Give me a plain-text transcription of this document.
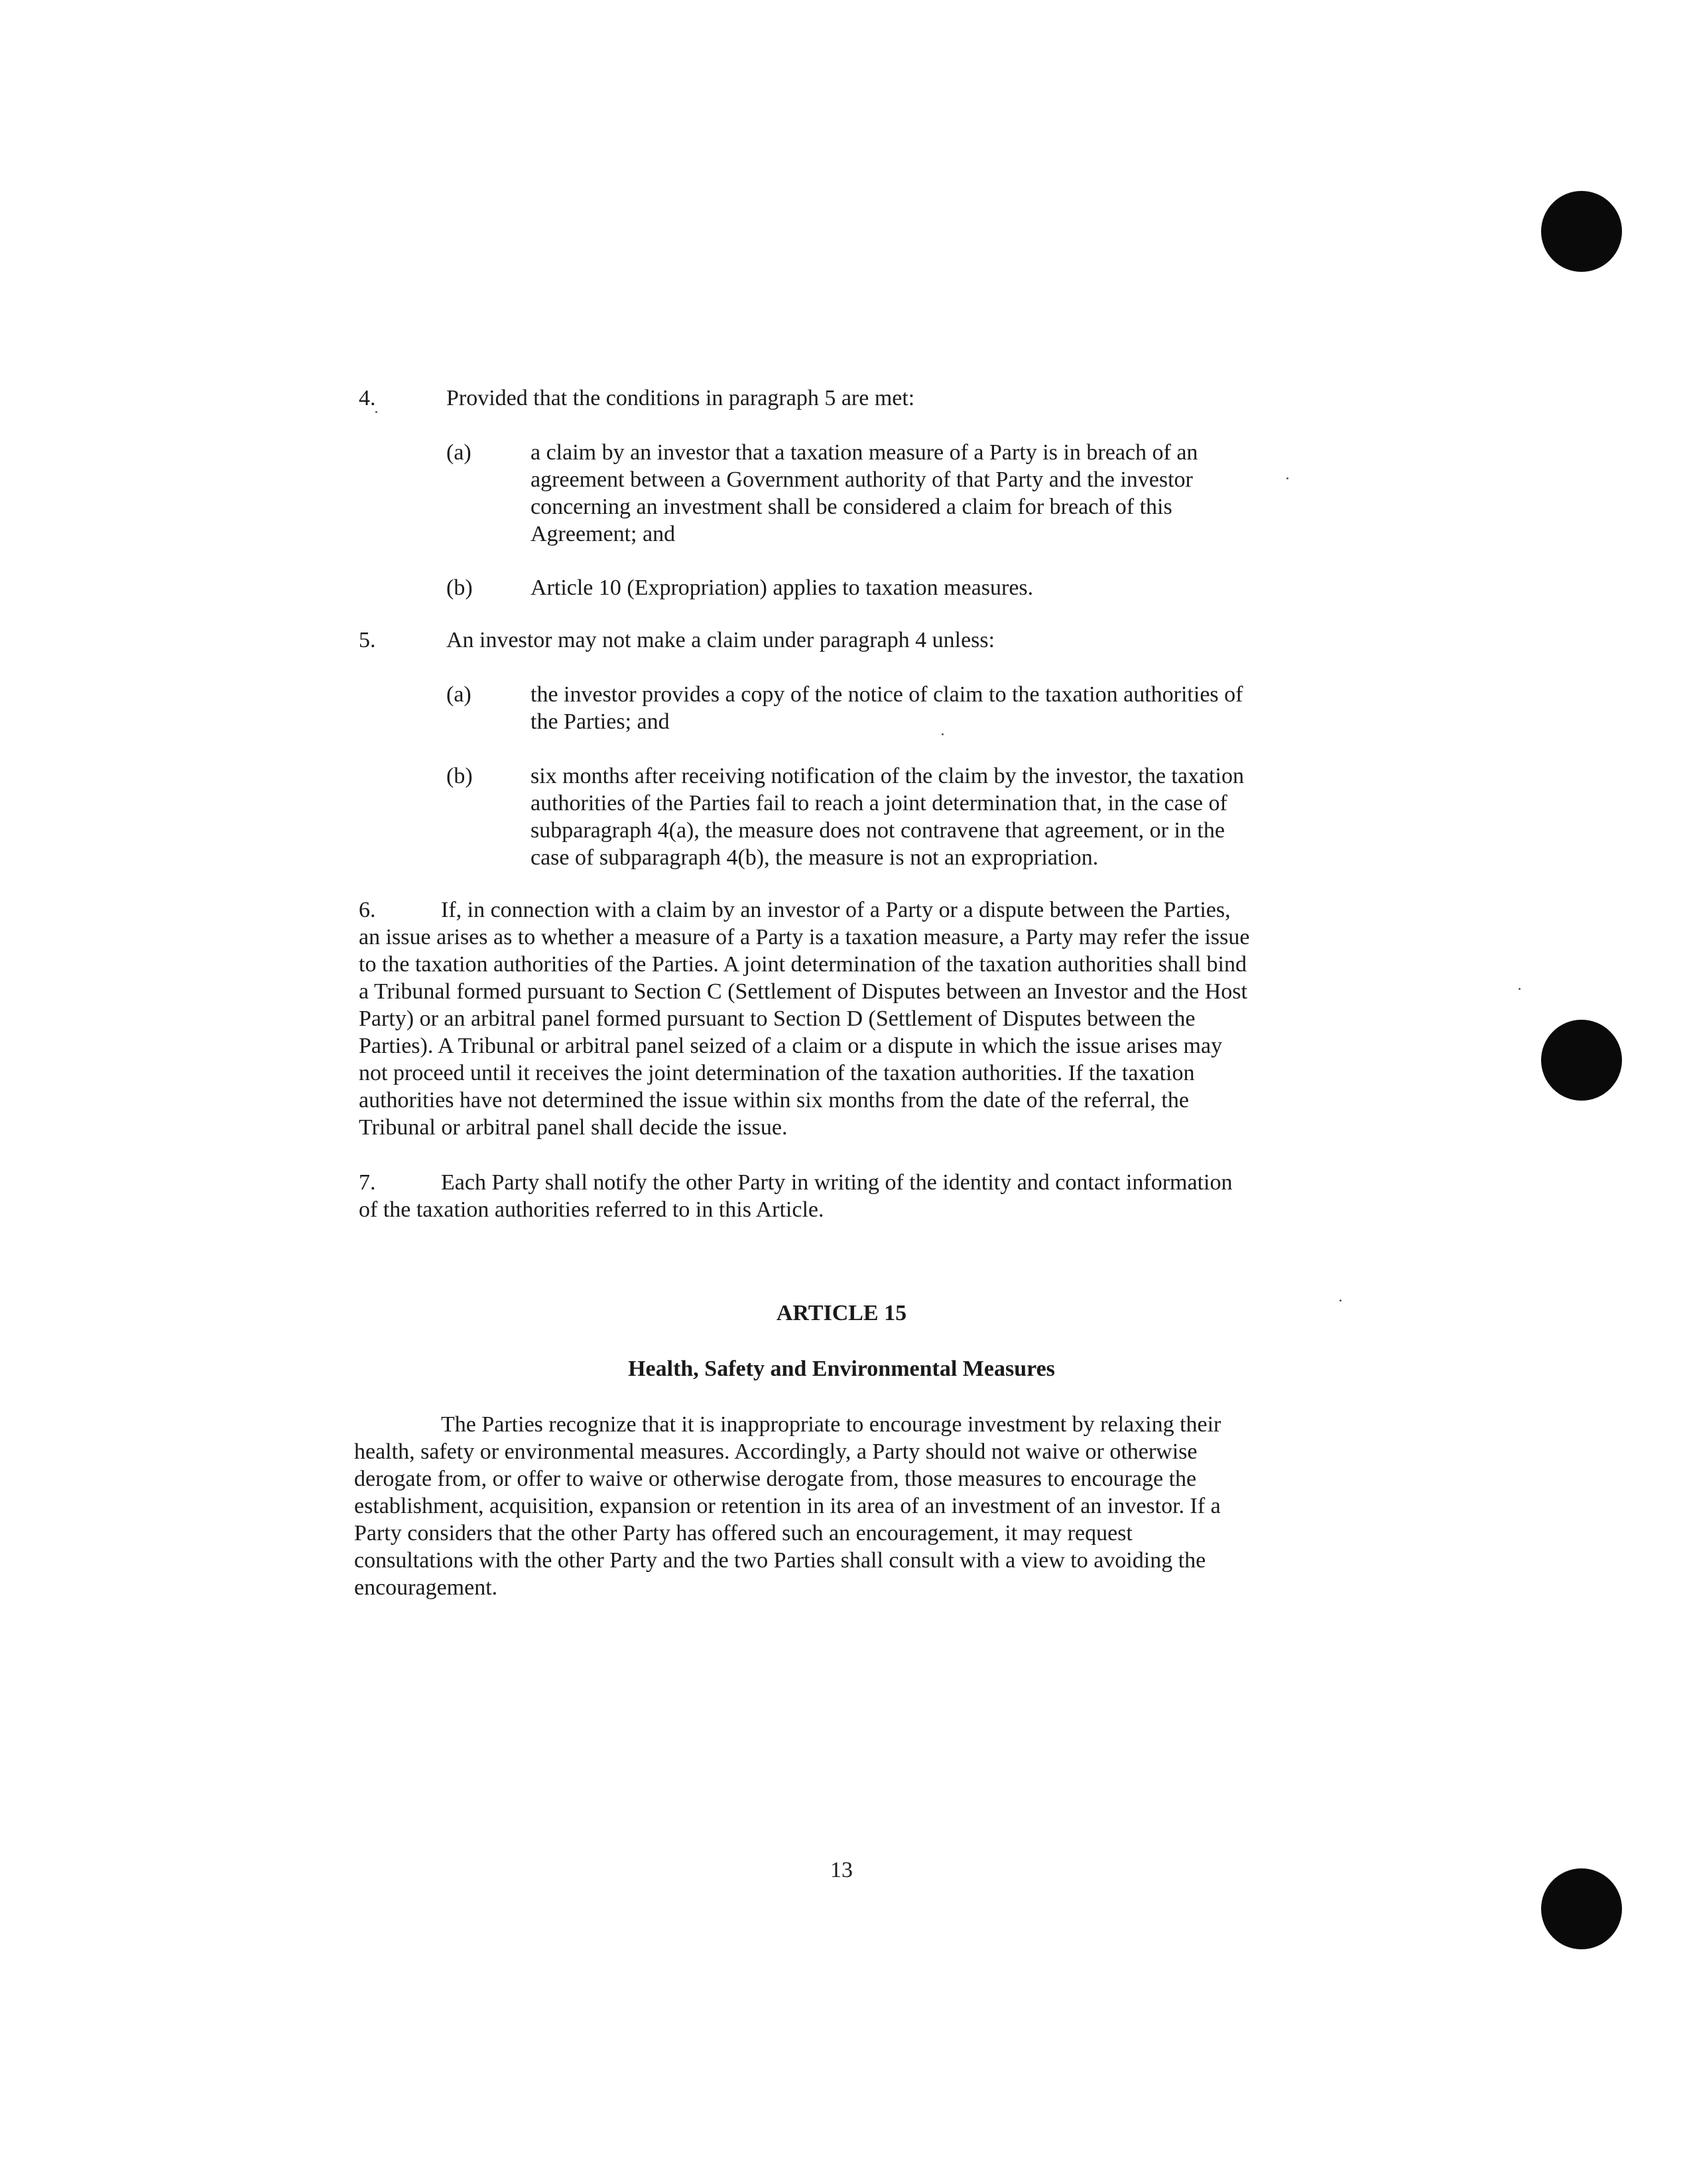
4.	Provided that the conditions in paragraph 5 are met:
(a)	a claim by an investor that a taxation measure of a Party is in breach of an
agreement between a Government authority of that Party and the investor
concerning an investment shall be considered a claim for breach of this
Agreement; and
(b)	Article 10 (Expropriation) applies to taxation measures.
5.	An investor may not make a claim under paragraph 4 unless:
(a)	the investor provides a copy of the notice of claim to the taxation authorities of
the Parties; and
(b)	six months after receiving notification of the claim by the investor, the taxation
authorities of the Parties fail to reach a joint determination that, in the case of
subparagraph 4(a), the measure does not contravene that agreement, or in the
case of subparagraph 4(b), the measure is not an expropriation.
6.	If, in connection with a claim by an investor of a Party or a dispute between the Parties,
an issue arises as to whether a measure of a Party is a taxation measure, a Party may refer the issue
to the taxation authorities of the Parties. A joint determination of the taxation authorities shall bind
a Tribunal formed pursuant to Section C (Settlement of Disputes between an Investor and the Host
Party) or an arbitral panel formed pursuant to Section D (Settlement of Disputes between the
Parties). A Tribunal or arbitral panel seized of a claim or a dispute in which the issue arises may
not proceed until it receives the joint determination of the taxation authorities. If the taxation
authorities have not determined the issue within six months from the date of the referral, the
Tribunal or arbitral panel shall decide the issue.
7.	Each Party shall notify the other Party in writing of the identity and contact information
of the taxation authorities referred to in this Article.
ARTICLE 15
Health, Safety and Environmental Measures
The Parties recognize that it is inappropriate to encourage investment by relaxing their
health, safety or environmental measures. Accordingly, a Party should not waive or otherwise
derogate from, or offer to waive or otherwise derogate from, those measures to encourage the
establishment, acquisition, expansion or retention in its area of an investment of an investor. If a
Party considers that the other Party has offered such an encouragement, it may request
consultations with the other Party and the two Parties shall consult with a view to avoiding the
encouragement.
13
